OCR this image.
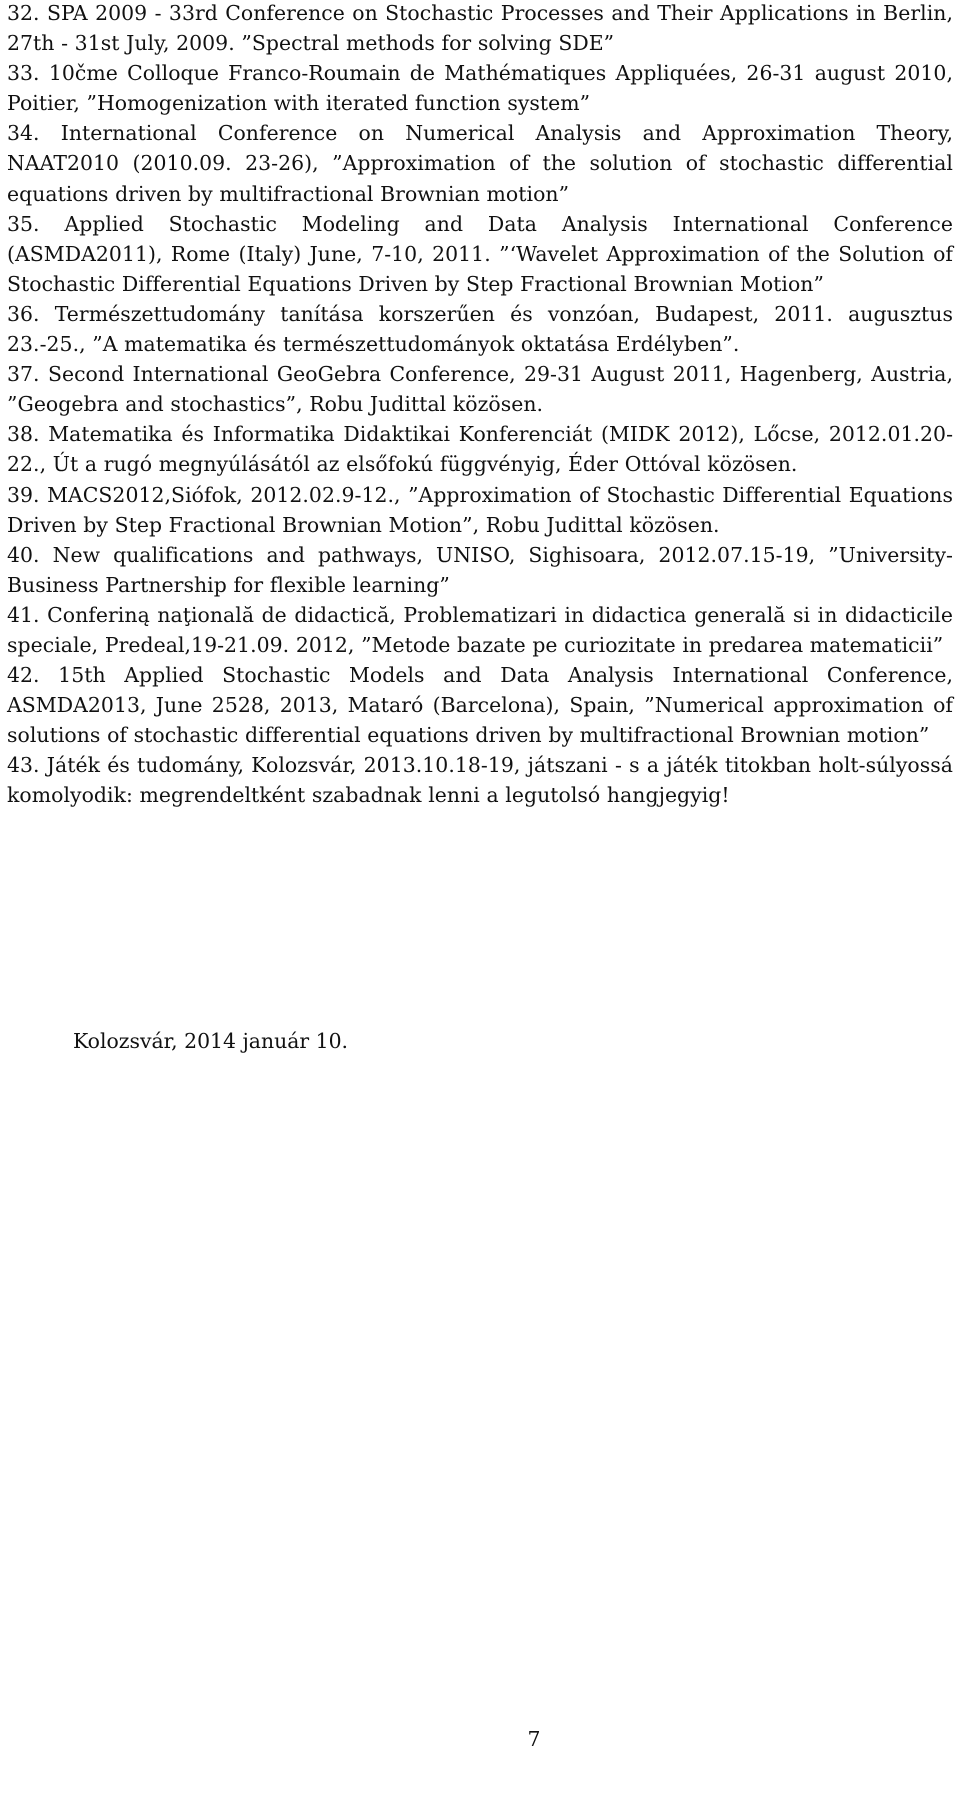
32. SPA 2009 - 33rd Conference on Stochastic Processes and Their Applications in Berlin, 27th - 31st July, 2009. ”Spectral methods for solving SDE”

33. 10čme Colloque Franco-Roumain de Mathématiques Appliquées, 26-31 august 2010, Poitier, ”Homogenization with iterated function system”

34. International Conference on Numerical Analysis and Approximation Theory, NAAT2010 (2010.09. 23-26), ”Approximation of the solution of stochastic differential equations driven by multifractional Brownian motion”

35. Applied Stochastic Modeling and Data Analysis International Conference (ASMDA2011), Rome (Italy) June, 7-10, 2011. ”‘Wavelet Approximation of the Solution of Stochastic Differential Equations Driven by Step Fractional Brownian Motion”

36. Természettudomány tanítása korszerűen és vonzóan, Budapest, 2011. augusztus 23.-25., ”A matematika és természettudományok oktatása Erdélyben”.

37. Second International GeoGebra Conference, 29-31 August 2011, Hagenberg, Austria, ”Geogebra and stochastics”, Robu Judittal közösen.

38. Matematika és Informatika Didaktikai Konferenciát (MIDK 2012), Lőcse, 2012.01.20-22., Út a rugó megnyúlásától az elsőfokú függvényig, Éder Ottóval közösen.

39. MACS2012,Siófok, 2012.02.9-12., ”Approximation of Stochastic Differential Equations Driven by Step Fractional Brownian Motion”, Robu Judittal közösen.

40. New qualifications and pathways, UNISO, Sighisoara, 2012.07.15-19, ”University-Business Partnership for flexible learning”

41. Conferiną naţională de didactică, Problematizari in didactica generală si in didacticile speciale, Predeal,19-21.09. 2012, ”Metode bazate pe curiozitate in predarea matematicii”

42. 15th Applied Stochastic Models and Data Analysis International Conference, ASMDA2013, June 2528, 2013, Mataró (Barcelona), Spain, ”Numerical approximation of solutions of stochastic differential equations driven by multifractional Brownian motion”

43. Játék és tudomány, Kolozsvár, 2013.10.18-19, játszani - s a játék titokban holt-súlyossá komolyodik: megrendeltként szabadnak lenni a legutolsó hangjegyig!

Kolozsvár, 2014 január 10.

7
